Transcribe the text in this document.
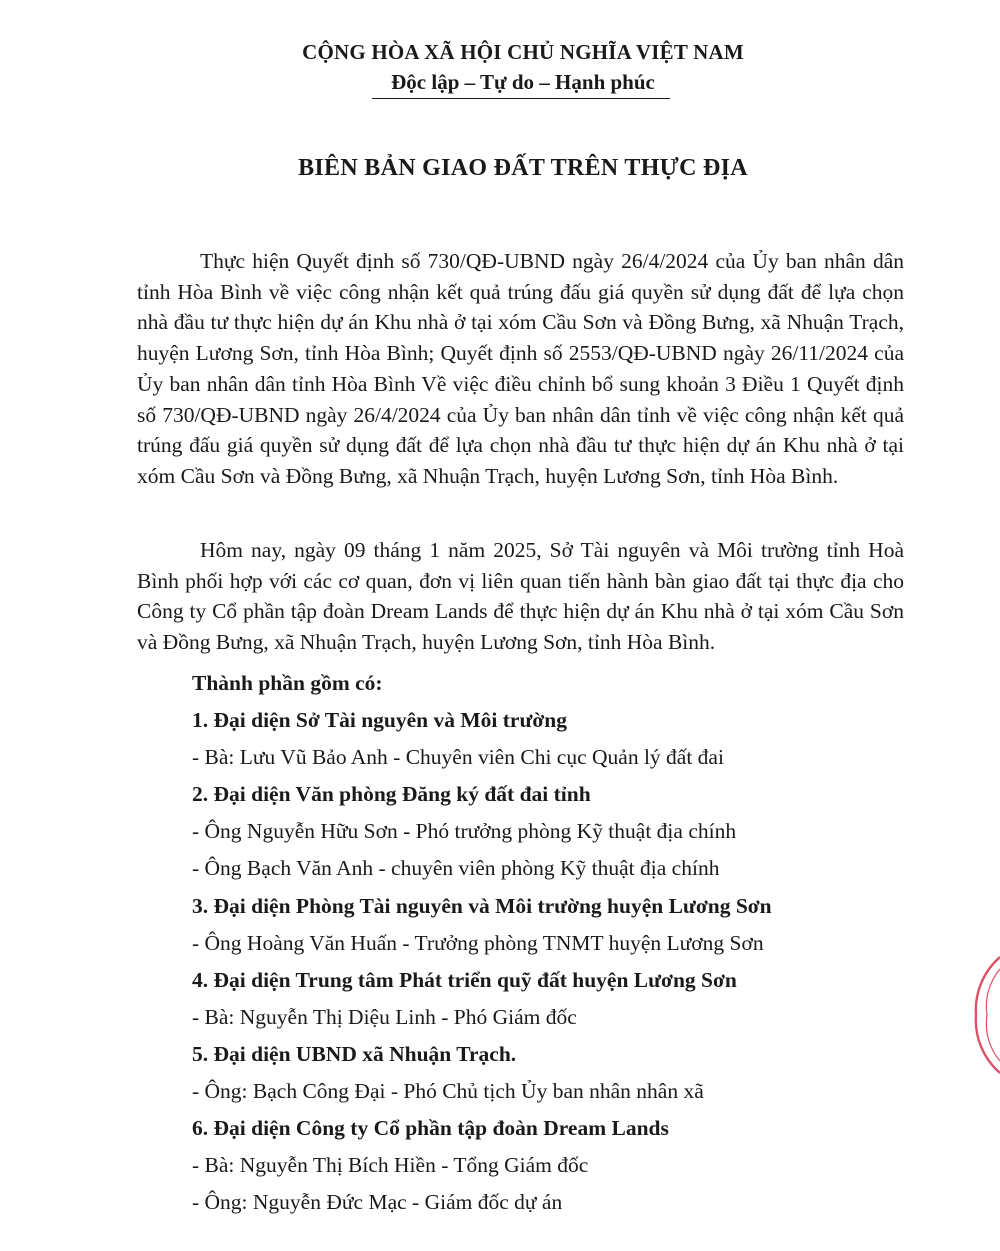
CỘNG HÒA XÃ HỘI CHỦ NGHĨA VIỆT NAM
Độc lập – Tự do – Hạnh phúc
BIÊN BẢN GIAO ĐẤT TRÊN THỰC ĐỊA

Thực hiện Quyết định số 730/QĐ-UBND ngày 26/4/2024 của Ủy ban nhân dân tỉnh Hòa Bình về việc công nhận kết quả trúng đấu giá quyền sử dụng đất để lựa chọn nhà đầu tư thực hiện dự án Khu nhà ở tại xóm Cầu Sơn và Đồng Bưng, xã Nhuận Trạch, huyện Lương Sơn, tỉnh Hòa Bình; Quyết định số 2553/QĐ-UBND ngày 26/11/2024 của Ủy ban nhân dân tỉnh Hòa Bình Về việc điều chỉnh bổ sung khoản 3 Điều 1 Quyết định số 730/QĐ-UBND ngày 26/4/2024 của Ủy ban nhân dân tỉnh về việc công nhận kết quả trúng đấu giá quyền sử dụng đất để lựa chọn nhà đầu tư thực hiện dự án Khu nhà ở tại xóm Cầu Sơn và Đồng Bưng, xã Nhuận Trạch, huyện Lương Sơn, tỉnh Hòa Bình.

Hôm nay, ngày 09 tháng 1 năm 2025, Sở Tài nguyên và Môi trường tỉnh Hoà Bình phối hợp với các cơ quan, đơn vị liên quan tiến hành bàn giao đất tại thực địa cho Công ty Cổ phần tập đoàn Dream Lands để thực hiện dự án Khu nhà ở tại xóm Cầu Sơn và Đồng Bưng, xã Nhuận Trạch, huyện Lương Sơn, tỉnh Hòa Bình.

Thành phần gồm có:
1. Đại diện Sở Tài nguyên và Môi trường
- Bà: Lưu Vũ Bảo Anh - Chuyên viên Chi cục Quản lý đất đai
2. Đại diện Văn phòng Đăng ký đất đai tỉnh
- Ông Nguyễn Hữu Sơn - Phó trưởng phòng Kỹ thuật địa chính
- Ông Bạch Văn Anh - chuyên viên phòng Kỹ thuật địa chính
3. Đại diện Phòng Tài nguyên và Môi trường huyện Lương Sơn
- Ông Hoàng Văn Huấn - Trưởng phòng TNMT huyện Lương Sơn
4. Đại diện Trung tâm Phát triển quỹ đất huyện Lương Sơn
- Bà: Nguyễn Thị Diệu Linh - Phó Giám đốc
5. Đại diện UBND xã Nhuận Trạch.
- Ông: Bạch Công Đại - Phó Chủ tịch Ủy ban nhân nhân xã
6. Đại diện Công ty Cổ phần tập đoàn Dream Lands
- Bà: Nguyễn Thị Bích Hiền - Tổng Giám đốc
- Ông: Nguyễn Đức Mạc - Giám đốc dự án
